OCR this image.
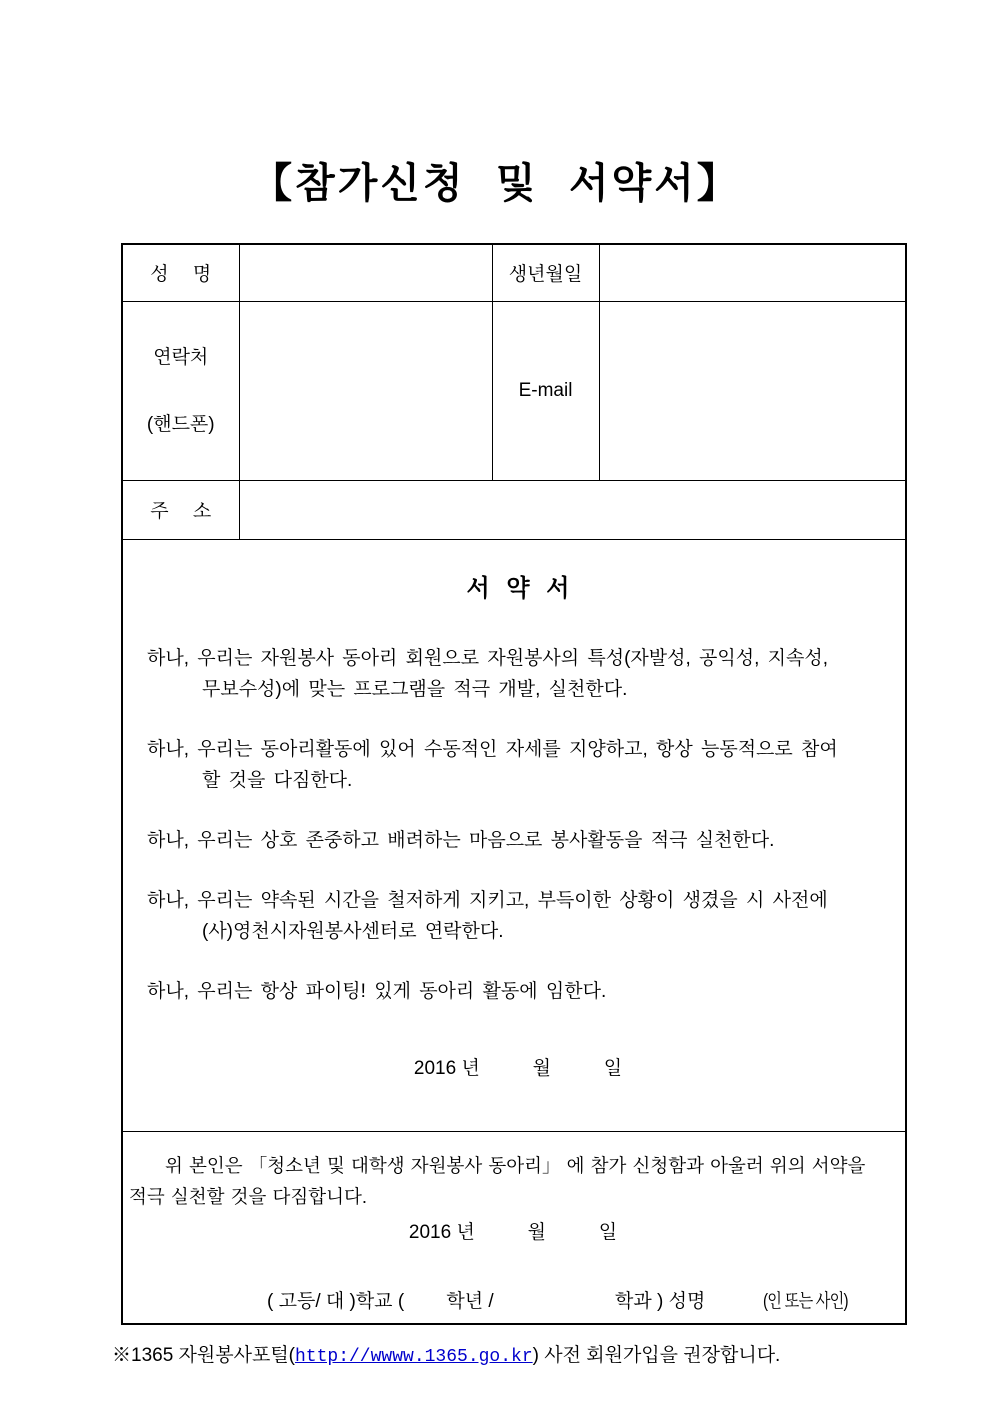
【참가신청 및 서약서】
성 명		생년월일	

연락처

(핸드폰)		E-mail	
주 소			

서 약 서
하나, 우리는 자원봉사 동아리 회원으로 자원봉사의 특성(자발성, 공익성, 지속성,
무보수성)에 맞는 프로그램을 적극 개발, 실천한다.
하나, 우리는 동아리활동에 있어 수동적인 자세를 지양하고, 항상 능동적으로 참여
할 것을 다짐한다.
하나, 우리는 상호 존중하고 배려하는 마음으로 봉사활동을 적극 실천한다.
하나, 우리는 약속된 시간을 철저하게 지키고, 부득이한 상황이 생겼을 시 사전에
(사)영천시자원봉사센터로 연락한다.
하나, 우리는 항상 파이팅! 있게 동아리 활동에 임한다.
2016 년          월          일

위 본인은 「청소년 및 대학생 자원봉사 동아리」 에 참가 신청함과 아울러 위의 서약을
적극 실천할 것을 다짐합니다.
2016 년          월          일
( 고등/ 대 )학교 (        학년 /                       학과 ) 성명           (인 또는 사인)			
※1365 자원봉사포털(http://wwww.1365.go.kr) 사전 회원가입을 권장합니다.
